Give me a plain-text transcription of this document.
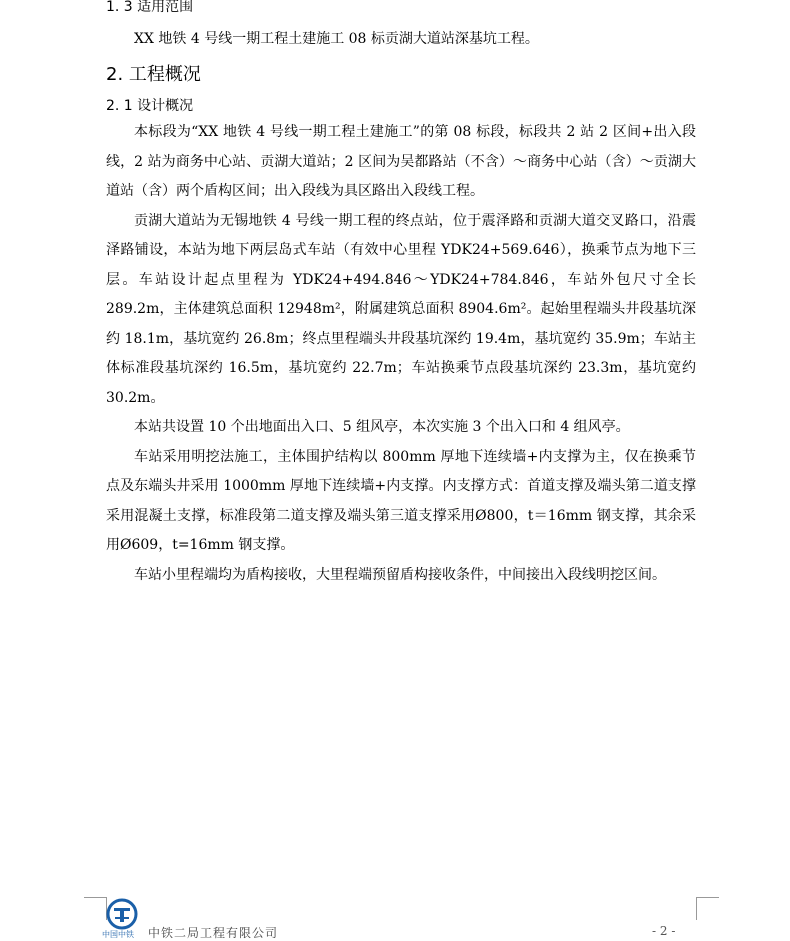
1. 3 适用范围
XX 地铁 4 号线一期工程土建施工 08 标贡湖大道站深基坑工程。
2. 工程概况
2. 1 设计概况

本标段为“XX 地铁 4 号线一期工程土建施工”的第 08 标段，标段共 2 站 2 区间+出入段线，2 站为商务中心站、贡湖大道站；2 区间为吴都路站（不含）～商务中心站（含）～贡湖大道站（含）两个盾构区间；出入段线为具区路出入段线工程。

贡湖大道站为无锡地铁 4 号线一期工程的终点站，位于震泽路和贡湖大道交叉路口，沿震泽路铺设，本站为地下两层岛式车站（有效中心里程 YDK24+569.646），换乘节点为地下三层。车站设计起点里程为 YDK24+494.846～YDK24+784.846，车站外包尺寸全长 289.2m，主体建筑总面积 12948m²，附属建筑总面积 8904.6m²。起始里程端头井段基坑深约 18.1m，基坑宽约 26.8m；终点里程端头井段基坑深约 19.4m，基坑宽约 35.9m；车站主体标准段基坑深约 16.5m，基坑宽约 22.7m；车站换乘节点段基坑深约 23.3m，基坑宽约 30.2m。

本站共设置 10 个出地面出入口、5 组风亭，本次实施 3 个出入口和 4 组风亭。

车站采用明挖法施工，主体围护结构以 800mm 厚地下连续墙+内支撑为主，仅在换乘节点及东端头井采用 1000mm 厚地下连续墙+内支撑。内支撑方式：首道支撑及端头第二道支撑采用混凝土支撑，标准段第二道支撑及端头第三道支撑采用Ø800，t＝16mm 钢支撑，其余采用Ø609，t=16mm 钢支撑。

车站小里程端均为盾构接收，大里程端预留盾构接收条件，中间接出入段线明挖区间。

中国中铁 中铁二局工程有限公司	- 2 -
